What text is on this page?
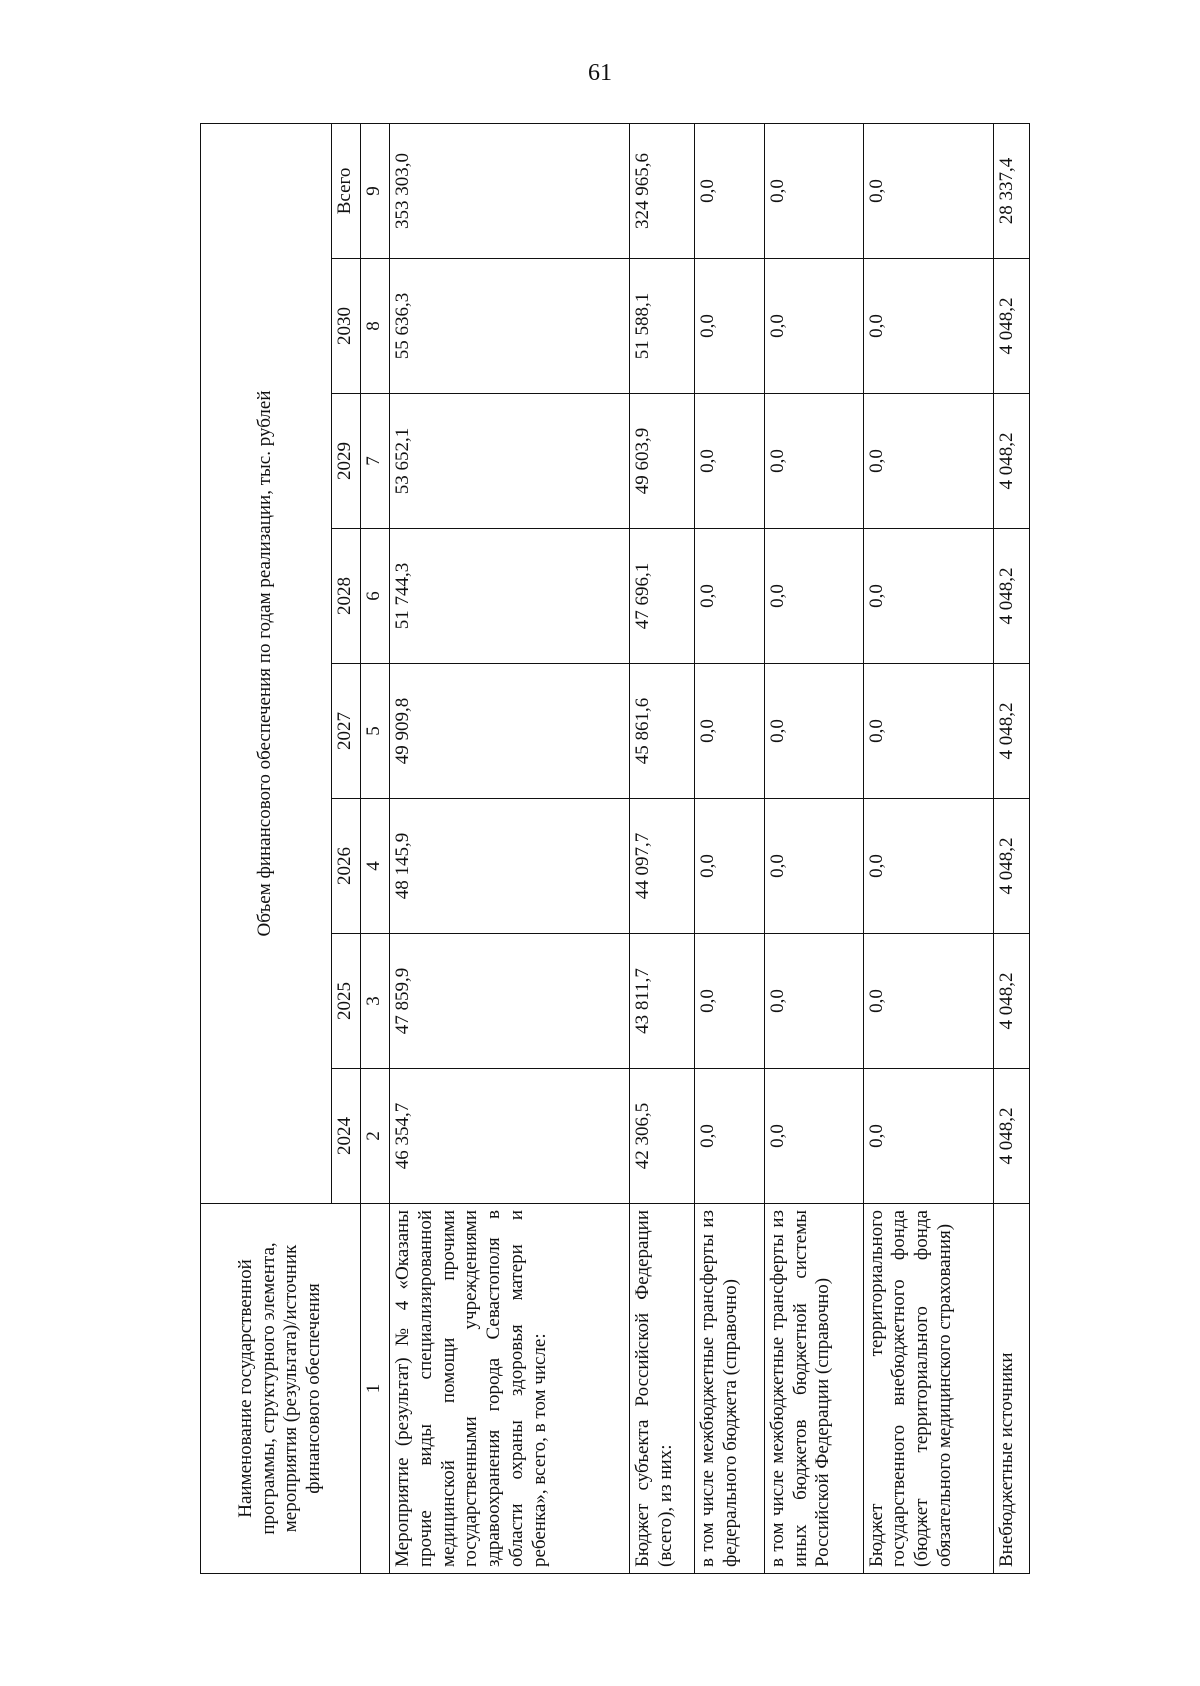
61
Наименование государственной программы, структурного элемента, мероприятия (результата)/источник финансового обеспечения	Объем финансового обеспечения по годам реализации, тыс. рублей							
	2024	2025	2026	2027	2028	2029	2030	Всего
1	2	3	4	5	6	7	8	9
Мероприятие (результат) № 4 «Оказаны прочие виды специализированной медицинской помощи прочими государственными учреждениями здравоохранения города Севастополя в области охраны здоровья матери и ребенка», всего, в том числе:	46 354,7	47 859,9	48 145,9	49 909,8	51 744,3	53 652,1	55 636,3	353 303,0
Бюджет субъекта Российской Федерации (всего), из них:	42 306,5	43 811,7	44 097,7	45 861,6	47 696,1	49 603,9	51 588,1	324 965,6
в том числе межбюджетные трансферты из федерального бюджета (справочно)	0,0	0,0	0,0	0,0	0,0	0,0	0,0	0,0
в том числе межбюджетные трансферты из иных бюджетов бюджетной системы Российской Федерации (справочно)	0,0	0,0	0,0	0,0	0,0	0,0	0,0	0,0
Бюджет территориального государственного внебюджетного фонда (бюджет территориального фонда обязательного медицинского страхования)	0,0	0,0	0,0	0,0	0,0	0,0	0,0	0,0
Внебюджетные источники	4 048,2	4 048,2	4 048,2	4 048,2	4 048,2	4 048,2	4 048,2	28 337,4
